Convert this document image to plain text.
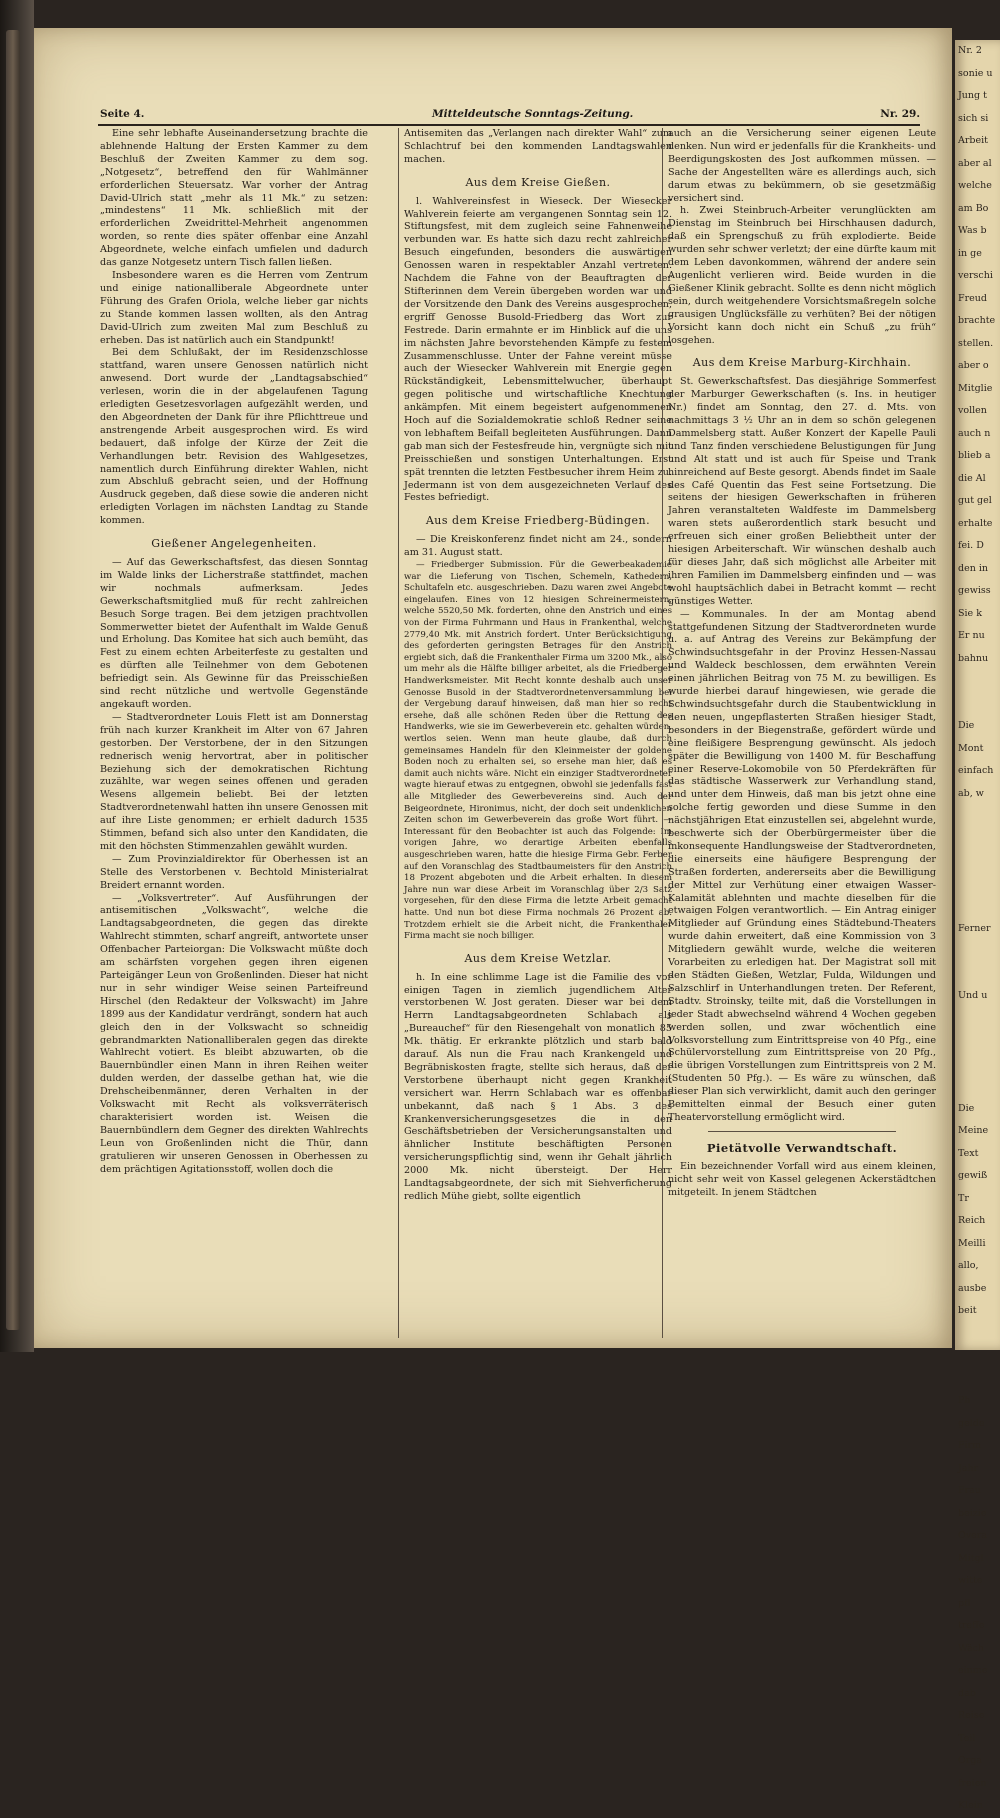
Seite 4.	Mitteldeutsche Sonntags-Zeitung.	Nr. 29.

Eine sehr lebhafte Auseinandersetzung brachte die ablehnende Haltung der Ersten Kammer zu dem Beschluß der Zweiten Kammer zu dem sog. „Notgesetz“, betreffend den für Wahlmänner erforderlichen Steuersatz. War vorher der Antrag David-Ulrich statt „mehr als 11 Mk.“ zu setzen: „mindestens“ 11 Mk. schließlich mit der erforderlichen Zweidrittel-Mehrheit angenommen worden, so rente dies später offenbar eine Anzahl Abgeordnete, welche einfach umfielen und dadurch das ganze Notgesetz untern Tisch fallen ließen.

Insbesondere waren es die Herren vom Zentrum und einige nationalliberale Abgeordnete unter Führung des Grafen Oriola, welche lieber gar nichts zu Stande kommen lassen wollten, als den Antrag David-Ulrich zum zweiten Mal zum Beschluß zu erheben. Das ist natürlich auch ein Standpunkt!

Bei dem Schlußakt, der im Residenzschlosse stattfand, waren unsere Genossen natürlich nicht anwesend. Dort wurde der „Landtagsabschied“ verlesen, worin die in der abgelaufenen Tagung erledigten Gesetzesvorlagen aufgezählt werden, und den Abgeordneten der Dank für ihre Pflichttreue und anstrengende Arbeit ausgesprochen wird. Es wird bedauert, daß infolge der Kürze der Zeit die Verhandlungen betr. Revision des Wahlgesetzes, namentlich durch Einführung direkter Wahlen, nicht zum Abschluß gebracht seien, und der Hoffnung Ausdruck gegeben, daß diese sowie die anderen nicht erledigten Vorlagen im nächsten Landtag zu Stande kommen.

Gießener Angelegenheiten.

— Auf das Gewerkschaftsfest, das diesen Sonntag im Walde links der Licherstraße stattfindet, machen wir nochmals aufmerksam. Jedes Gewerkschaftsmitglied muß für recht zahlreichen Besuch Sorge tragen. Bei dem jetzigen prachtvollen Sommerwetter bietet der Aufenthalt im Walde Genuß und Erholung. Das Komitee hat sich auch bemüht, das Fest zu einem echten Arbeiterfeste zu gestalten und es dürften alle Teilnehmer von dem Gebotenen befriedigt sein. Als Gewinne für das Preisschießen sind recht nützliche und wertvolle Gegenstände angekauft worden.

— Stadtverordneter Louis Flett ist am Donnerstag früh nach kurzer Krankheit im Alter von 67 Jahren gestorben. Der Verstorbene, der in den Sitzungen rednerisch wenig hervortrat, aber in politischer Beziehung sich der demokratischen Richtung zuzählte, war wegen seines offenen und geraden Wesens allgemein beliebt. Bei der letzten Stadtverordnetenwahl hatten ihn unsere Genossen mit auf ihre Liste genommen; er erhielt dadurch 1535 Stimmen, befand sich also unter den Kandidaten, die mit den höchsten Stimmenzahlen gewählt wurden.

— Zum Provinzialdirektor für Oberhessen ist an Stelle des Verstorbenen v. Bechtold Ministerialrat Breidert ernannt worden.

— „Volksvertreter“. Auf Ausführungen der antisemitischen „Volkswacht“, welche die Landtagsabgeordneten, die gegen das direkte Wahlrecht stimmten, scharf angreift, antwortete unser Offenbacher Parteiorgan: Die Volkswacht müßte doch am schärfsten vorgehen gegen ihren eigenen Parteigänger Leun von Großenlinden. Dieser hat nicht nur in sehr windiger Weise seinen Parteifreund Hirschel (den Redakteur der Volkswacht) im Jahre 1899 aus der Kandidatur verdrängt, sondern hat auch gleich den in der Volkswacht so schneidig gebrandmarkten Nationalliberalen gegen das direkte Wahlrecht votiert. Es bleibt abzuwarten, ob die Bauernbündler einen Mann in ihren Reihen weiter dulden werden, der dasselbe gethan hat, wie die Drehscheibenmänner, deren Verhalten in der Volkswacht mit Recht als volksverräterisch charakterisiert worden ist. Weisen die Bauernbündlern dem Gegner des direkten Wahlrechts Leun von Großenlinden nicht die Thür, dann gratulieren wir unseren Genossen in Oberhessen zu dem prächtigen Agitationsstoff, wollen doch die

Antisemiten das „Verlangen nach direkter Wahl“ zum Schlachtruf bei den kommenden Landtagswahlen machen.

Aus dem Kreise Gießen.

l. Wahlvereinsfest in Wieseck. Der Wiesecker Wahlverein feierte am vergangenen Sonntag sein 12. Stiftungsfest, mit dem zugleich seine Fahnenweihe verbunden war. Es hatte sich dazu recht zahlreicher Besuch eingefunden, besonders die auswärtigen Genossen waren in respektabler Anzahl vertreten. Nachdem die Fahne von der Beauftragten der Stifterinnen dem Verein übergeben worden war und der Vorsitzende den Dank des Vereins ausgesprochen, ergriff Genosse Busold-Friedberg das Wort zur Festrede. Darin ermahnte er im Hinblick auf die uns im nächsten Jahre bevorstehenden Kämpfe zu festem Zusammenschlusse. Unter der Fahne vereint müsse auch der Wiesecker Wahlverein mit Energie gegen Rückständigkeit, Lebensmittelwucher, überhaupt gegen politische und wirtschaftliche Knechtung ankämpfen. Mit einem begeistert aufgenommenen Hoch auf die Sozialdemokratie schloß Redner seine von lebhaftem Beifall begleiteten Ausführungen. Dann gab man sich der Festesfreude hin, vergnügte sich mit Preisschießen und sonstigen Unterhaltungen. Erst spät trennten die letzten Festbesucher ihrem Heim zu. Jedermann ist von dem ausgezeichneten Verlauf des Festes befriedigt.

Aus dem Kreise Friedberg-Büdingen.

— Die Kreiskonferenz findet nicht am 24., sondern am 31. August statt.

— Friedberger Submission. Für die Gewerbeakademie war die Lieferung von Tischen, Schemeln, Kathedern, Schultafeln etc. ausgeschrieben. Dazu waren zwei Angebote eingelaufen. Eines von 12 hiesigen Schreinermeistern, welche 5520,50 Mk. forderten, ohne den Anstrich und eines von der Firma Fuhrmann und Haus in Frankenthal, welche 2779,40 Mk. mit Anstrich fordert. Unter Berücksichtigung des geforderten geringsten Betrages für den Anstrich ergiebt sich, daß die Frankenthaler Firma um 3200 Mk., also um mehr als die Hälfte billiger arbeitet, als die Friedberger Handwerksmeister. Mit Recht konnte deshalb auch unser Genosse Busold in der Stadtverordnetenversammlung bei der Vergebung darauf hinweisen, daß man hier so recht ersehe, daß alle schönen Reden über die Rettung des Handwerks, wie sie im Gewerbeverein etc. gehalten würden, wertlos seien. Wenn man heute glaube, daß durch gemeinsames Handeln für den Kleinmeister der goldene Boden noch zu erhalten sei, so ersehe man hier, daß es damit auch nichts wäre. Nicht ein einziger Stadtverordneter wagte hierauf etwas zu entgegnen, obwohl sie jedenfalls fast alle Mitglieder des Gewerbevereins sind. Auch der Beigeordnete, Hironimus, nicht, der doch seit undenklichen Zeiten schon im Gewerbeverein das große Wort führt. — Interessant für den Beobachter ist auch das Folgende: Im vorigen Jahre, wo derartige Arbeiten ebenfalls ausgeschrieben waren, hatte die hiesige Firma Gebr. Ferber auf den Voranschlag des Stadtbaumeisters für den Anstrich 18 Prozent abgeboten und die Arbeit erhalten. In diesem Jahre nun war diese Arbeit im Voranschlag über 2/3 Satz vorgesehen, für den diese Firma die letzte Arbeit gemacht hatte. Und nun bot diese Firma nochmals 26 Prozent ab. Trotzdem erhielt sie die Arbeit nicht, die Frankenthaler Firma macht sie noch billiger.

Aus dem Kreise Wetzlar.

h. In eine schlimme Lage ist die Familie des vor einigen Tagen in ziemlich jugendlichem Alter verstorbenen W. Jost geraten. Dieser war bei dem Herrn Landtagsabgeordneten Schlabach als „Bureauchef“ für den Riesengehalt von monatlich 85 Mk. thätig. Er erkrankte plötzlich und starb bald darauf. Als nun die Frau nach Krankengeld und Begräbniskosten fragte, stellte sich heraus, daß der Verstorbene überhaupt nicht gegen Krankheit versichert war. Herrn Schlabach war es offenbar unbekannt, daß nach § 1 Abs. 3 des Krankenversicherungsgesetzes die in den Geschäftsbetrieben der Versicherungsanstalten und ähnlicher Institute beschäftigten Personen versicherungspflichtig sind, wenn ihr Gehalt jährlich 2000 Mk. nicht übersteigt. Der Herr Landtagsabgeordnete, der sich mit Siehverficherung redlich Mühe giebt, sollte eigentlich

auch an die Versicherung seiner eigenen Leute denken. Nun wird er jedenfalls für die Krankheits- und Beerdigungskosten des Jost aufkommen müssen. — Sache der Angestellten wäre es allerdings auch, sich darum etwas zu bekümmern, ob sie gesetzmäßig versichert sind.

h. Zwei Steinbruch-Arbeiter verunglückten am Dienstag im Steinbruch bei Hirschhausen dadurch, daß ein Sprengschuß zu früh explodierte. Beide wurden sehr schwer verletzt; der eine dürfte kaum mit dem Leben davonkommen, während der andere sein Augenlicht verlieren wird. Beide wurden in die Gießener Klinik gebracht. Sollte es denn nicht möglich sein, durch weitgehendere Vorsichtsmaßregeln solche grausigen Unglücksfälle zu verhüten? Bei der nötigen Vorsicht kann doch nicht ein Schuß „zu früh“ losgehen.

Aus dem Kreise Marburg-Kirchhain.

St. Gewerkschaftsfest. Das diesjährige Sommerfest der Marburger Gewerkschaften (s. Ins. in heutiger Nr.) findet am Sonntag, den 27. d. Mts. von nachmittags 3 ½ Uhr an in dem so schön gelegenen Dammelsberg statt. Außer Konzert der Kapelle Pauli und Tanz finden verschiedene Belustigungen für Jung und Alt statt und ist auch für Speise und Trank hinreichend auf Beste gesorgt. Abends findet im Saale des Café Quentin das Fest seine Fortsetzung. Die seitens der hiesigen Gewerkschaften in früheren Jahren veranstalteten Waldfeste im Dammelsberg waren stets außerordentlich stark besucht und erfreuen sich einer großen Beliebtheit unter der hiesigen Arbeiterschaft. Wir wünschen deshalb auch für dieses Jahr, daß sich möglichst alle Arbeiter mit ihren Familien im Dammelsberg einfinden und — was wohl hauptsächlich dabei in Betracht kommt — recht günstiges Wetter.

— Kommunales. In der am Montag abend stattgefundenen Sitzung der Stadtverordneten wurde u. a. auf Antrag des Vereins zur Bekämpfung der Schwindsuchtsgefahr in der Provinz Hessen-Nassau und Waldeck beschlossen, dem erwähnten Verein einen jährlichen Beitrag von 75 M. zu bewilligen. Es wurde hierbei darauf hingewiesen, wie gerade die Schwindsuchtsgefahr durch die Staubentwicklung in den neuen, ungepflasterten Straßen hiesiger Stadt, besonders in der Biegenstraße, gefördert würde und eine fleißigere Besprengung gewünscht. Als jedoch später die Bewilligung von 1400 M. für Beschaffung einer Reserve-Lokomobile von 50 Pferdekräften für das städtische Wasserwerk zur Verhandlung stand, und unter dem Hinweis, daß man bis jetzt ohne eine solche fertig geworden und diese Summe in den nächstjährigen Etat einzustellen sei, abgelehnt wurde, beschwerte sich der Oberbürgermeister über die inkonsequente Handlungsweise der Stadtverordneten, die einerseits eine häufigere Besprengung der Straßen forderten, andererseits aber die Bewilligung der Mittel zur Verhütung einer etwaigen Wasser-Kalamität ablehnten und machte dieselben für die etwaigen Folgen verantwortlich. — Ein Antrag einiger Mitglieder auf Gründung eines Städtebund-Theaters wurde dahin erweitert, daß eine Kommission von 3 Mitgliedern gewählt wurde, welche die weiteren Vorarbeiten zu erledigen hat. Der Magistrat soll mit den Städten Gießen, Wetzlar, Fulda, Wildungen und Salzschlirf in Unterhandlungen treten. Der Referent, Stadtv. Stroinsky, teilte mit, daß die Vorstellungen in jeder Stadt abwechselnd während 4 Wochen gegeben werden sollen, und zwar wöchentlich eine Volksvorstellung zum Eintrittspreise von 40 Pfg., eine Schülervorstellung zum Eintrittspreise von 20 Pfg., die übrigen Vorstellungen zum Eintrittspreis von 2 M. (Studenten 50 Pfg.). — Es wäre zu wünschen, daß dieser Plan sich verwirklicht, damit auch den geringer Bemittelten einmal der Besuch einer guten Theatervorstellung ermöglicht wird.

Pietätvolle Verwandtschaft.

Ein bezeichnender Vorfall wird aus einem kleinen, nicht sehr weit von Kassel gelegenen Ackerstädtchen mitgeteilt. In jenem Städtchen

Nr. 2
sonie u
Jung t
sich si
Arbeit
aber al
welche
am Bo
Was b
in ge
verschi
Freud
brachte
stellen.
aber o
Mitglie
vollen
auch n
blieb a
die Al
gut gel
erhalte
fei. D
den in
gewiss
Sie k
Er nu
bahnu

Die
Mont
einfach
ab, w

Ferner

Und u

Die
Meine
Text
gewiß
Tr
Reich
Meilli
allo,
ausbe
beit

Ph
gelde
Firm
Jahr
Frau
beizie
Overa
Mitgl
witte
pfl
treffe
Wäch
einme
dab
Reise
Teil
Orga
freien
Klein
